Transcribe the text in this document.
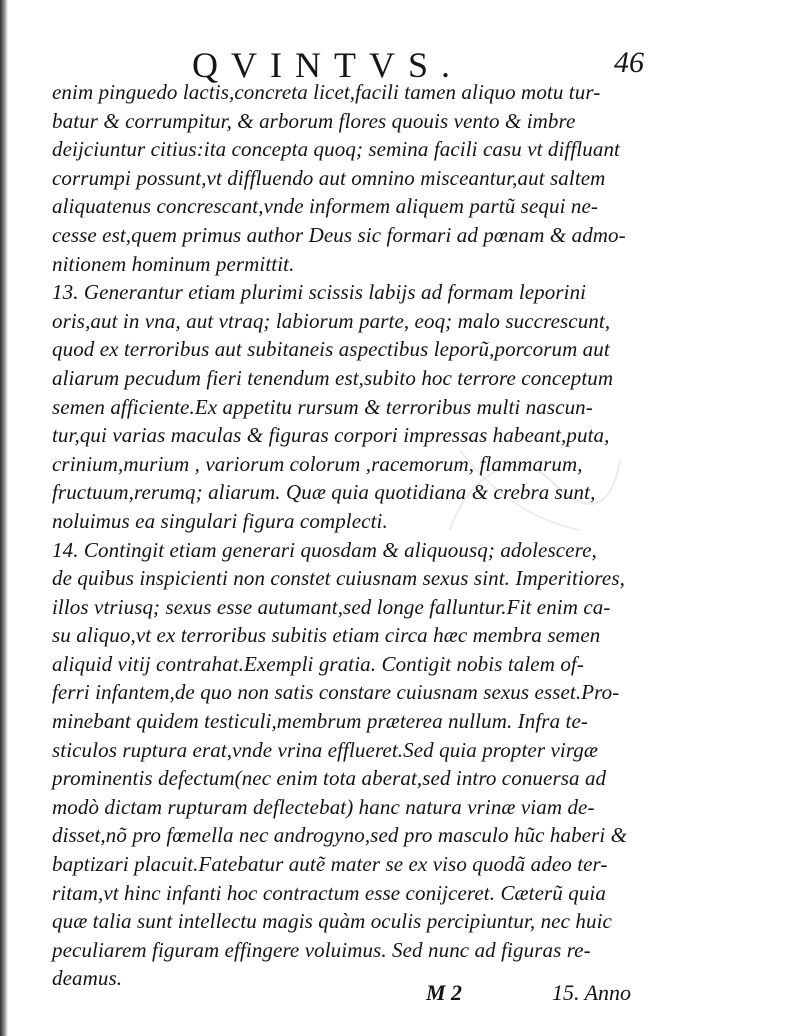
QVINTVS.	46
enim pinguedo lactis,concreta licet,facili tamen aliquo motu tur-
batur & corrumpitur, & arborum flores quouis vento & imbre
deijciuntur citius:ita concepta quoq; semina facili casu vt diffluant
corrumpi possunt,vt diffluendo aut omnino misceantur,aut saltem
aliquatenus concrescant,vnde informem aliquem partũ sequi ne-
cesse est,quem primus author Deus sic formari ad pœnam & admo-
nitionem hominum permittit.
13. Generantur etiam plurimi scissis labijs ad formam leporini
oris,aut in vna, aut vtraq; labiorum parte, eoq; malo succrescunt,
quod ex terroribus aut subitaneis aspectibus leporũ,porcorum aut
aliarum pecudum fieri tenendum est,subito hoc terrore conceptum
semen afficiente.Ex appetitu rursum & terroribus multi nascun-
tur,qui varias maculas & figuras corpori impressas habeant,puta,
crinium,murium , variorum colorum ,racemorum, flammarum,
fructuum,rerumq; aliarum. Quæ quia quotidiana & crebra sunt,
noluimus ea singulari figura complecti.
14. Contingit etiam generari quosdam & aliquousq; adolescere,
de quibus inspicienti non constet cuiusnam sexus sint. Imperitiores,
illos vtriusq; sexus esse autumant,sed longe falluntur.Fit enim ca-
su aliquo,vt ex terroribus subitis etiam circa hæc membra semen
aliquid vitij contrahat.Exempli gratia. Contigit nobis talem of-
ferri infantem,de quo non satis constare cuiusnam sexus esset.Pro-
minebant quidem testiculi,membrum præterea nullum. Infra te-
sticulos ruptura erat,vnde vrina efflueret.Sed quia propter virgæ
prominentis defectum(nec enim tota aberat,sed intro conuersa ad
modò dictam rupturam deflectebat) hanc natura vrinæ viam de-
disset,nõ pro fœmella nec androgyno,sed pro masculo hũc haberi &
baptizari placuit.Fatebatur autẽ mater se ex viso quodã adeo ter-
ritam,vt hinc infanti hoc contractum esse conijceret. Cæterũ quia
quæ talia sunt intellectu magis quàm oculis percipiuntur, nec huic
peculiarem figuram effingere voluimus. Sed nunc ad figuras re-
deamus.
M 2	15. Anno
